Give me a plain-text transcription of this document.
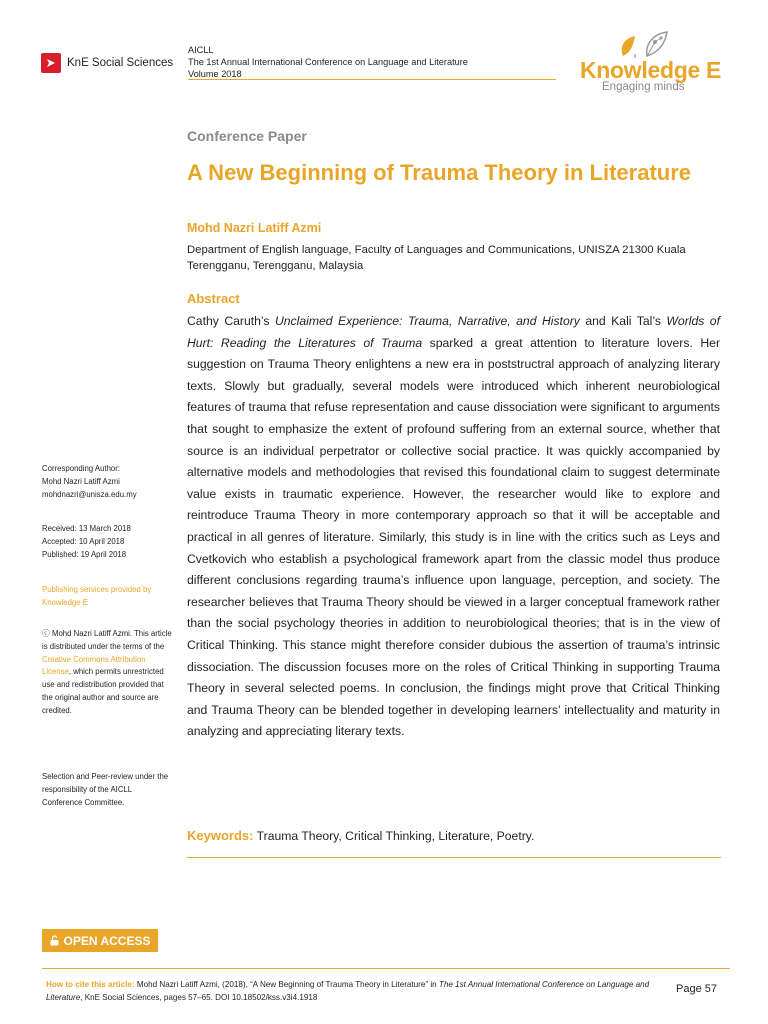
KnE Social Sciences
AICLL
The 1st Annual International Conference on Language and Literature
Volume 2018	Knowledge E
Engaging minds
Conference Paper
A New Beginning of Trauma Theory in Literature
Mohd Nazri Latiff Azmi
Department of English language, Faculty of Languages and Communications, UNISZA 21300 Kuala Terengganu, Terengganu, Malaysia
Abstract
Cathy Caruth’s Unclaimed Experience: Trauma, Narrative, and History and Kali Tal’s Worlds of Hurt: Reading the Literatures of Trauma sparked a great attention to literature lovers. Her suggestion on Trauma Theory enlightens a new era in poststructral approach of analyzing literary texts. Slowly but gradually, several models were introduced which inherent neurobiological features of trauma that refuse representation and cause dissociation were significant to arguments that sought to emphasize the extent of profound suffering from an external source, whether that source is an individual perpetrator or collective social practice. It was quickly accompanied by alternative models and methodologies that revised this foundational claim to suggest determinate value exists in traumatic experience. However, the researcher would like to explore and reintroduce Trauma Theory in more contemporary approach so that it will be acceptable and practical in all genres of literature. Similarly, this study is in line with the critics such as Leys and Cvetkovich who establish a psychological framework apart from the classic model thus produce different conclusions regarding trauma’s influence upon language, perception, and society. The researcher believes that Trauma Theory should be viewed in a larger conceptual framework rather than the social psychology theories in addition to neurobiological theories; that is in the view of Critical Thinking. This stance might therefore consider dubious the assertion of trauma’s intrinsic dissociation. The discussion focuses more on the roles of Critical Thinking in supporting Trauma Theory in several selected poems. In conclusion, the findings might prove that Critical Thinking and Trauma Theory can be blended together in developing learners’ intellectuality and maturity in analyzing and appreciating literary texts.
Keywords: Trauma Theory, Critical Thinking, Literature, Poetry.
Corresponding Author:
Mohd Nazri Latiff Azmi
mohdnazri@unisza.edu.my
Received: 13 March 2018
Accepted: 10 April 2018
Published: 19 April 2018
Publishing services provided by
Knowledge E
ⓒ Mohd Nazri Latiff Azmi. This article is distributed under the terms of the Creative Commons Attribution License, which permits unrestricted use and redistribution provided that the original author and source are credited.
Selection and Peer-review under the responsibility of the AICLL Conference Committee.
OPEN ACCESS
How to cite this article: Mohd Nazri Latiff Azmi, (2018), “A New Beginning of Trauma Theory in Literature” in The 1st Annual International Conference on Language and Literature, KnE Social Sciences, pages 57–65. DOI 10.18502/kss.v3i4.1918
Page 57
